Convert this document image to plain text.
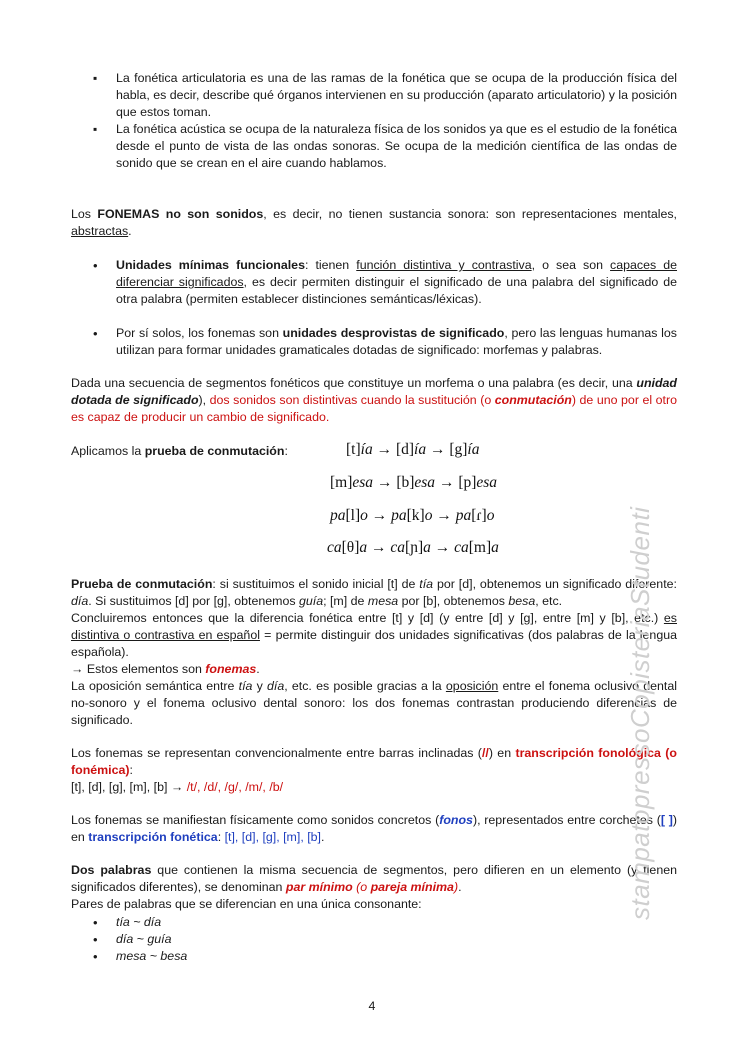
▪ La fonética articulatoria es una de las ramas de la fonética que se ocupa de la producción física del habla, es decir, describe qué órganos intervienen en su producción (aparato articulatorio) y la posición que estos toman.
▪ La fonética acústica se ocupa de la naturaleza física de los sonidos ya que es el estudio de la fonética desde el punto de vista de las ondas sonoras. Se ocupa de la medición científica de las ondas de sonido que se crean en el aire cuando hablamos.

Los FONEMAS no son sonidos, es decir, no tienen sustancia sonora: son representaciones mentales, abstractas.

• Unidades mínimas funcionales: tienen función distintiva y contrastiva, o sea son capaces de diferenciar significados, es decir permiten distinguir el significado de una palabra del significado de otra palabra (permiten establecer distinciones semánticas/léxicas).
• Por sí solos, los fonemas son unidades desprovistas de significado, pero las lenguas humanas los utilizan para formar unidades gramaticales dotadas de significado: morfemas y palabras.

Dada una secuencia de segmentos fonéticos que constituye un morfema o una palabra (es decir, una unidad dotada de significado), dos sonidos son distintivas cuando la sustitución (o conmutación) de uno por el otro es capaz de producir un cambio de significado.

Aplicamos la prueba de conmutación:	[t]ía → [d]ía → [g]ía
[m]esa → [b]esa → [p]esa
pa[l]o → pa[k]o → pa[ɾ]o
ca[θ]a → ca[ɲ]a → ca[m]a

Prueba de conmutación: si sustituimos el sonido inicial [t] de tía por [d], obtenemos un significado diferente: día. Si sustituimos [d] por [g], obtenemos guía; [m] de mesa por [b], obtenemos besa, etc.

Concluiremos entonces que la diferencia fonética entre [t] y [d] (y entre [d] y [g], entre [m] y [b], etc.) es distintiva o contrastiva en español = permite distinguir dos unidades significativas (dos palabras de la lengua española).

→ Estos elementos son fonemas.

La oposición semántica entre tía y día, etc. es posible gracias a la oposición entre el fonema oclusivo dental no-sonoro y el fonema oclusivo dental sonoro: los dos fonemas contrastan produciendo diferencias de significado.

Los fonemas se representan convencionalmente entre barras inclinadas (//) en transcripción fonológica (o fonémica):

[t], [d], [g], [m], [b] → /t/, /d/, /g/, /m/, /b/

Los fonemas se manifiestan físicamente como sonidos concretos (fonos), representados entre corchetes ([ ]) en transcripción fonética: [t], [d], [g], [m], [b].

Dos palabras que contienen la misma secuencia de segmentos, pero difieren en un elemento (y tienen significados diferentes), se denominan par mínimo (o pareja mínima).

Pares de palabras que se diferencian en una única consonante:

• tía ~ día
• día ~ guía
• mesa ~ besa
stampatopressoCopisteriaStudenti
4
